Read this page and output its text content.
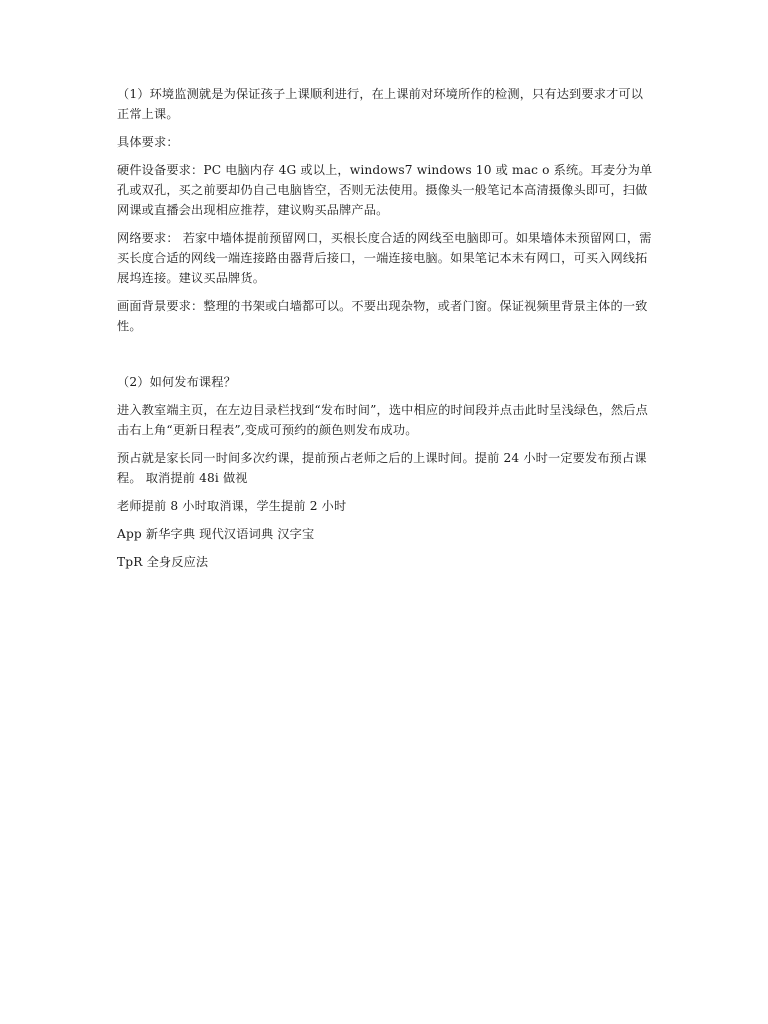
（1）环境监测就是为保证孩子上课顺利进行，在上课前对环境所作的检测，只有达到要求才可以正常上课。

具体要求：

硬件设备要求：PC 电脑内存 4G 或以上，windows7 windows 10 或 mac o 系统。耳麦分为单孔或双孔，买之前要却仍自己电脑皆空，否则无法使用。摄像头一般笔记本高清摄像头即可，扫做网课或直播会出现相应推荐，建议购买品牌产品。

网络要求： 若家中墙体提前预留网口，买根长度合适的网线至电脑即可。如果墙体未预留网口，需买长度合适的网线一端连接路由器背后接口，一端连接电脑。如果笔记本未有网口，可买入网线拓展坞连接。建议买品牌货。

画面背景要求：整理的书架或白墙都可以。不要出现杂物，或者门窗。保证视频里背景主体的一致性。

（2）如何发布课程？

进入教室端主页，在左边目录栏找到“发布时间”，选中相应的时间段并点击此时呈浅绿色，然后点击右上角“更新日程表”,变成可预约的颜色则发布成功。

预占就是家长同一时间多次约课，提前预占老师之后的上课时间。提前 24 小时一定要发布预占课程。 取消提前 48i 做视

老师提前 8 小时取消课，学生提前 2 小时

App 新华字典 现代汉语词典 汉字宝

TpR 全身反应法
